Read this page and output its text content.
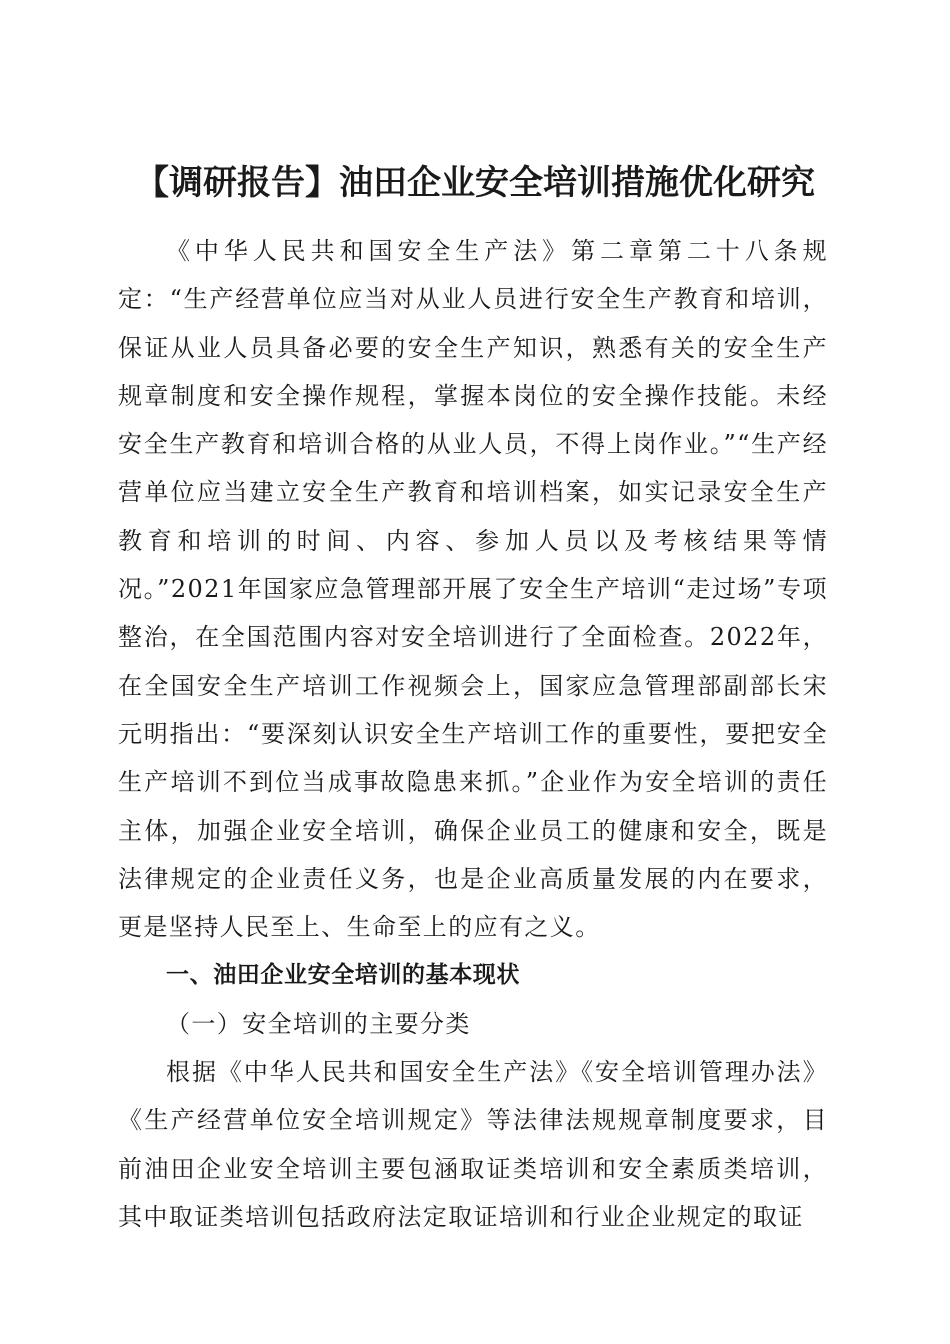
【调研报告】油田企业安全培训措施优化研究

《中华人民共和国安全生产法》第二章第二十八条规定：“生产经营单位应当对从业人员进行安全生产教育和培训，保证从业人员具备必要的安全生产知识，熟悉有关的安全生产规章制度和安全操作规程，掌握本岗位的安全操作技能。未经安全生产教育和培训合格的从业人员，不得上岗作业。”“生产经营单位应当建立安全生产教育和培训档案，如实记录安全生产教育和培训的时间、内容、参加人员以及考核结果等情况。”2021年国家应急管理部开展了安全生产培训“走过场”专项整治，在全国范围内容对安全培训进行了全面检查。2022年，在全国安全生产培训工作视频会上，国家应急管理部副部长宋元明指出：“要深刻认识安全生产培训工作的重要性，要把安全生产培训不到位当成事故隐患来抓。”企业作为安全培训的责任主体，加强企业安全培训，确保企业员工的健康和安全，既是法律规定的企业责任义务，也是企业高质量发展的内在要求，更是坚持人民至上、生命至上的应有之义。

一、油田企业安全培训的基本现状

（一）安全培训的主要分类

根据《中华人民共和国安全生产法》《安全培训管理办法》《生产经营单位安全培训规定》等法律法规规章制度要求，目前油田企业安全培训主要包涵取证类培训和安全素质类培训，其中取证类培训包括政府法定取证培训和行业企业规定的取证
